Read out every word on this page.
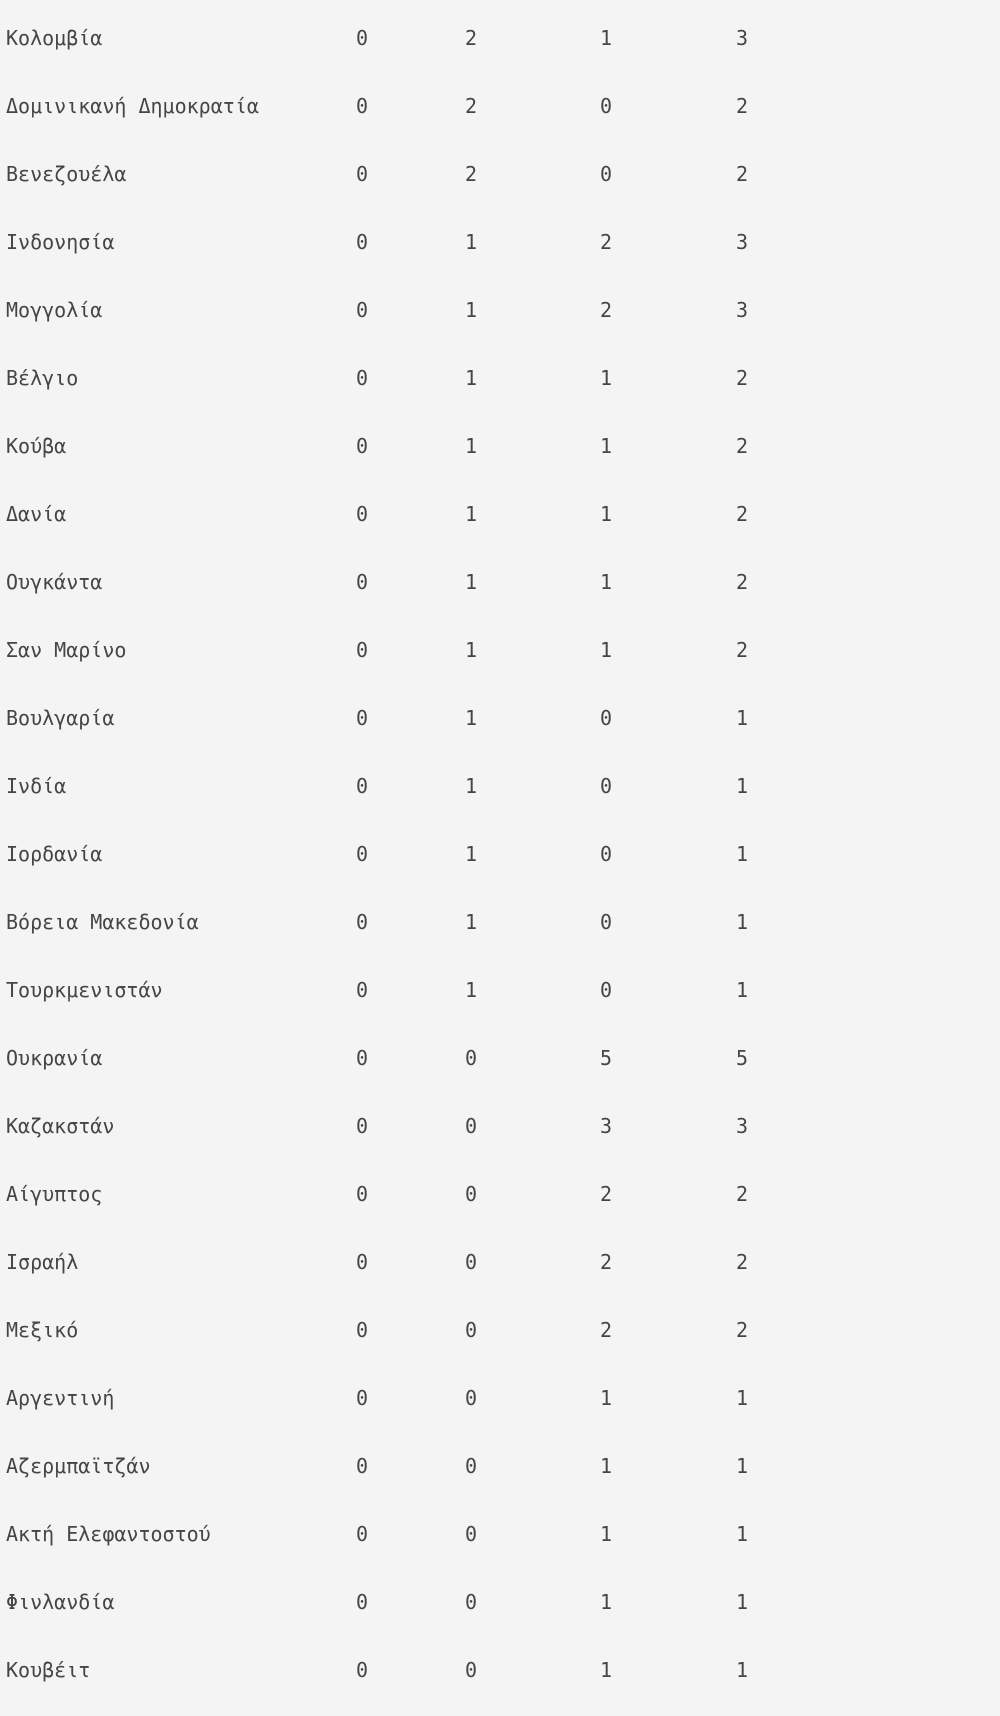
Κολομβία	0	2	1	3
Δομινικανή Δημοκρατία	0	2	0	2
Βενεζουέλα	0	2	0	2
Ινδονησία	0	1	2	3
Μογγολία	0	1	2	3
Βέλγιο	0	1	1	2
Κούβα	0	1	1	2
Δανία	0	1	1	2
Ουγκάντα	0	1	1	2
Σαν Μαρίνο	0	1	1	2
Βουλγαρία	0	1	0	1
Ινδία	0	1	0	1
Ιορδανία	0	1	0	1
Βόρεια Μακεδονία	0	1	0	1
Τουρκμενιστάν	0	1	0	1
Ουκρανία	0	0	5	5
Καζακστάν	0	0	3	3
Αίγυπτος	0	0	2	2
Ισραήλ	0	0	2	2
Μεξικό	0	0	2	2
Αργεντινή	0	0	1	1
Αζερμπαϊτζάν	0	0	1	1
Ακτή Ελεφαντοστού	0	0	1	1
Φινλανδία	0	0	1	1
Κουβέιτ	0	0	1	1
